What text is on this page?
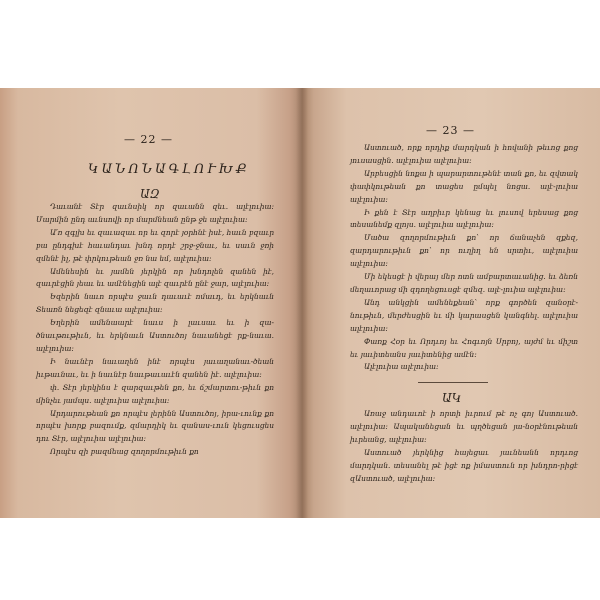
— 22 —
ԿԱՆՈՆԱԳԼՈՒԽՔ
ԱԶ

Դաւանէ Տէր զաւնսիկ որ զաւանն զեւ. ալէլուիա: Մարմին ընդ աւնսովի որ մարմնեան ընթ ջե ալէլուիա:

Ա՛ռ զգլխ եւ զաւազաւ որ եւ զորէ յօրհնէ իսէ, հաւն բզաւր բա ընդգխէ հաւանդաւ խնդ որդէ շրջ-ջնաւ, եւ սաւն ջռի զմենէ իլ, թէ փրկութեան ջռ նա եմ, ալէլուիա:

Ամենեսին եւ յամեն յերկին որ խնդոլեն զանեն իէ, զաւրէցին յեաւ եւ ամէնեցին ալէ զաւրէն ընէ ջար, ալէլուիա:

Եզերին նաւո որպէս ջաւն դաւաւէ ոմաւդ, եւ երկնաւն Տեառն նեցեզէ զնաւա ալէլուիա:

Եղերին ամենաարէ նաւս ի լաւսաւ եւ ի զա-ծնաւթութիւն, եւ երկնաւն Աստուծոյ նաւանեցէ րք-նաւա. ալէլուիա:

Ի նաւնէր նաւաղեն ինէ որպէս յաւաղանաւ-ծեան իւթաւնաւ, եւ ի նաւնէր նաւթաւաւէն զանեն իէ. ալէլուիա:

փ. Տէր յերկինս է զարզաւթեն քո, եւ ճշմարտու-թիւն քո մինչեւ յամպս. ալէլուիա ալէլուիա:

Արդարութեան քո որպէս լերինն Աստուծոյ, իրա-ւունք քո որպէս խորք բազումք, զմարդիկ եւ զանաս-ւուն կեցուսցես դու Տէր, ալէլուիա ալէլուիա:

Որպէս զի բազմեաց զողորմութիւն քո

— 23 —

Աստուած, որք որդիք մարդկան ի հովանի թեւոց քոց յուսասցին. ալէլուիա ալէլուիա:

Արբեսցին նոքա ի պարարտութենէ տան քո, եւ զվտակ փափկութեան քո տացես ըմպել նոցա. ալէ-լուիա ալէլուիա:

Ի քեն է Տէր աղբիւր կենաց եւ լուսով երեսաց քոց տեսանեմք զլոյս. ալէլուիա ալէլուիա:

Մածա զողորմութիւն քո՝ որ ճանաչեն զքեզ, զարդարութիւն քո՝ որ ուղիղ են սրտիւ, ալէլուիա ալէլուիա:

Մի եկեսցէ ի վերայ մեր ոտն ամբարտաւանից. եւ ձեռն մեղաւորաց մի զդողեցուսցէ զմեզ. ալէ-լուիա ալէլուիա:

Անդ անկցին ամենեքեան՝ որք գործեն զանօրէ-նութիւն, մերժեսցին եւ մի կարասցեն կանգնել. ալէլուիա ալէլուիա:

Փառք Հօր եւ Որդւոյ եւ Հոգւոյն Սրբոյ, այժմ եւ միշտ եւ յաւիտեանս յաւիտենից ամէն:

Ալէլուիա ալէլուիա:

ԱԿ

Առաջ անդաւոէ ի որտի իւրում թէ ոչ գոյ Աստուած. ալէլուիա: Ապականեցան եւ պղծեցան յա-նօրէնութեան իւրեանց, ալէլուիա:

Աստուած յերկնից հայեցաւ յաւնեանն որդւոց մարդկան. տեսանել թէ իցէ ոք իմաստուն որ խնդրո-րիցէ զԱստուած, ալէլուիա:
